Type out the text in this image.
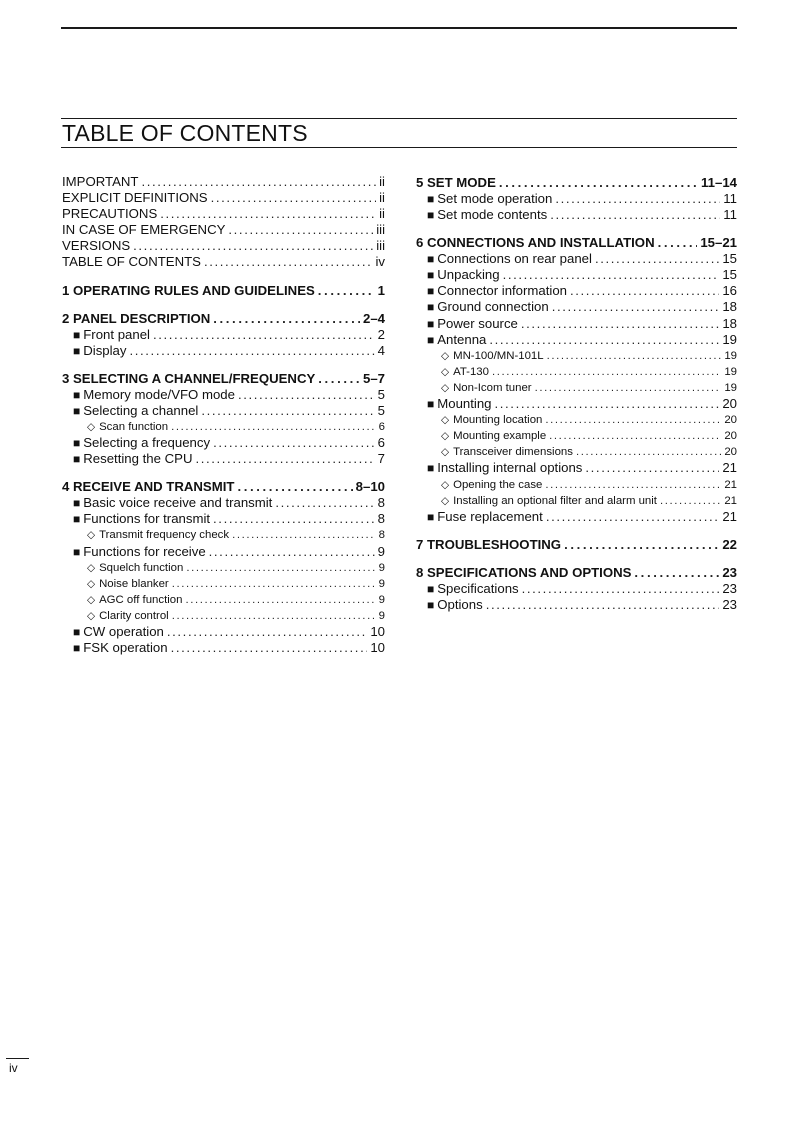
TABLE OF CONTENTS
IMPORTANT .....	ii
EXPLICIT DEFINITIONS .....	ii
PRECAUTIONS .....	ii
IN CASE OF EMERGENCY .....	iii
VERSIONS .....	iii
TABLE OF CONTENTS .....	iv
1 OPERATING RULES AND GUIDELINES .....	1
2 PANEL DESCRIPTION .....	2–4
■ Front panel .....	2
■ Display .....	4
3 SELECTING A CHANNEL/FREQUENCY .....	5–7
■ Memory mode/VFO mode .....	5
■ Selecting a channel .....	5
◇ Scan function .....	6
■ Selecting a frequency .....	6
■ Resetting the CPU .....	7
4 RECEIVE AND TRANSMIT .....	8–10
■ Basic voice receive and transmit .....	8
■ Functions for transmit .....	8
◇ Transmit frequency check .....	8
■ Functions for receive .....	9
◇ Squelch function .....	9
◇ Noise blanker .....	9
◇ AGC off function .....	9
◇ Clarity control .....	9
■ CW operation .....	10
■ FSK operation .....	10
5 SET MODE .....	11–14
■ Set mode operation .....	11
■ Set mode contents .....	11
6 CONNECTIONS AND INSTALLATION .....	15–21
■ Connections on rear panel .....	15
■ Unpacking .....	15
■ Connector information .....	16
■ Ground connection .....	18
■ Power source .....	18
■ Antenna .....	19
◇ MN-100/MN-101L .....	19
◇ AT-130 .....	19
◇ Non-Icom tuner .....	19
■ Mounting .....	20
◇ Mounting location .....	20
◇ Mounting example .....	20
◇ Transceiver dimensions .....	20
■ Installing internal options .....	21
◇ Opening the case .....	21
◇ Installing an optional filter and alarm unit .....	21
■ Fuse replacement .....	21
7 TROUBLESHOOTING .....	22
8 SPECIFICATIONS AND OPTIONS .....	23
■ Specifications .....	23
■ Options .....	23
iv
